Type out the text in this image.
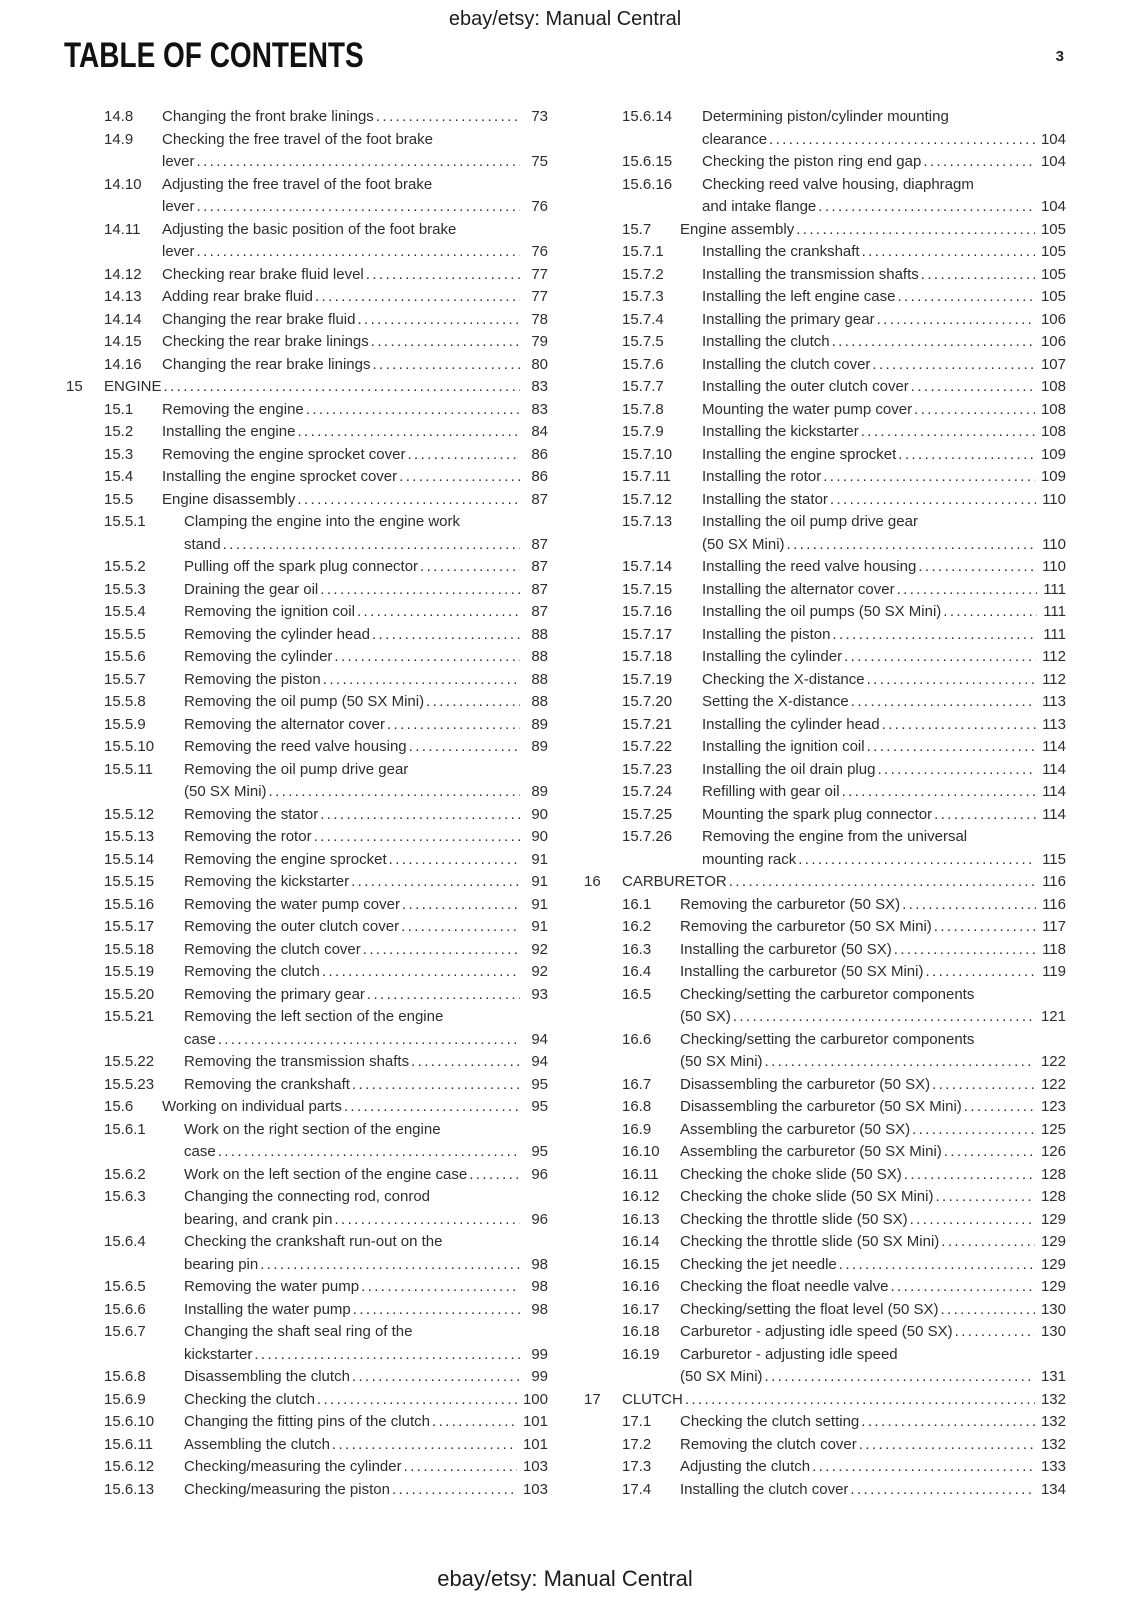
ebay/etsy: Manual Central
TABLE OF CONTENTS	3
14.8	Changing the front brake linings .....	73
14.9	Checking the free travel of the foot brake
lever .....	75
14.10	Adjusting the free travel of the foot brake
lever .....	76
14.11	Adjusting the basic position of the foot brake
lever .....	76
14.12	Checking rear brake fluid level .....	77
14.13	Adding rear brake fluid .....	77
14.14	Changing the rear brake fluid .....	78
14.15	Checking the rear brake linings .....	79
14.16	Changing the rear brake linings .....	80
15	ENGINE .....	83
15.1	Removing the engine .....	83
15.2	Installing the engine .....	84
15.3	Removing the engine sprocket cover .....	86
15.4	Installing the engine sprocket cover .....	86
15.5	Engine disassembly .....	87
15.5.1	Clamping the engine into the engine work
stand .....	87
15.5.2	Pulling off the spark plug connector .....	87
15.5.3	Draining the gear oil .....	87
15.5.4	Removing the ignition coil .....	87
15.5.5	Removing the cylinder head .....	88
15.5.6	Removing the cylinder .....	88
15.5.7	Removing the piston .....	88
15.5.8	Removing the oil pump (50 SX Mini) .....	88
15.5.9	Removing the alternator cover .....	89
15.5.10	Removing the reed valve housing .....	89
15.5.11	Removing the oil pump drive gear
(50 SX Mini) .....	89
15.5.12	Removing the stator .....	90
15.5.13	Removing the rotor .....	90
15.5.14	Removing the engine sprocket .....	91
15.5.15	Removing the kickstarter .....	91
15.5.16	Removing the water pump cover .....	91
15.5.17	Removing the outer clutch cover .....	91
15.5.18	Removing the clutch cover .....	92
15.5.19	Removing the clutch .....	92
15.5.20	Removing the primary gear .....	93
15.5.21	Removing the left section of the engine
case .....	94
15.5.22	Removing the transmission shafts .....	94
15.5.23	Removing the crankshaft .....	95
15.6	Working on individual parts .....	95
15.6.1	Work on the right section of the engine
case .....	95
15.6.2	Work on the left section of the engine case .....	96
15.6.3	Changing the connecting rod, conrod
bearing, and crank pin .....	96
15.6.4	Checking the crankshaft run-out on the
bearing pin .....	98
15.6.5	Removing the water pump .....	98
15.6.6	Installing the water pump .....	98
15.6.7	Changing the shaft seal ring of the
kickstarter .....	99
15.6.8	Disassembling the clutch .....	99
15.6.9	Checking the clutch .....	100
15.6.10	Changing the fitting pins of the clutch .....	101
15.6.11	Assembling the clutch .....	101
15.6.12	Checking/measuring the cylinder .....	103
15.6.13	Checking/measuring the piston .....	103
15.6.14	Determining piston/cylinder mounting
clearance .....	104
15.6.15	Checking the piston ring end gap .....	104
15.6.16	Checking reed valve housing, diaphragm
and intake flange .....	104
15.7	Engine assembly .....	105
15.7.1	Installing the crankshaft .....	105
15.7.2	Installing the transmission shafts .....	105
15.7.3	Installing the left engine case .....	105
15.7.4	Installing the primary gear .....	106
15.7.5	Installing the clutch .....	106
15.7.6	Installing the clutch cover .....	107
15.7.7	Installing the outer clutch cover .....	108
15.7.8	Mounting the water pump cover .....	108
15.7.9	Installing the kickstarter .....	108
15.7.10	Installing the engine sprocket .....	109
15.7.11	Installing the rotor .....	109
15.7.12	Installing the stator .....	110
15.7.13	Installing the oil pump drive gear
(50 SX Mini) .....	110
15.7.14	Installing the reed valve housing .....	110
15.7.15	Installing the alternator cover .....	111
15.7.16	Installing the oil pumps (50 SX Mini) .....	111
15.7.17	Installing the piston .....	111
15.7.18	Installing the cylinder .....	112
15.7.19	Checking the X-distance .....	112
15.7.20	Setting the X-distance .....	113
15.7.21	Installing the cylinder head .....	113
15.7.22	Installing the ignition coil .....	114
15.7.23	Installing the oil drain plug .....	114
15.7.24	Refilling with gear oil .....	114
15.7.25	Mounting the spark plug connector .....	114
15.7.26	Removing the engine from the universal
mounting rack .....	115
16	CARBURETOR .....	116
16.1	Removing the carburetor (50 SX) .....	116
16.2	Removing the carburetor (50 SX Mini) .....	117
16.3	Installing the carburetor (50 SX) .....	118
16.4	Installing the carburetor (50 SX Mini) .....	119
16.5	Checking/setting the carburetor components
(50 SX) .....	121
16.6	Checking/setting the carburetor components
(50 SX Mini) .....	122
16.7	Disassembling the carburetor (50 SX) .....	122
16.8	Disassembling the carburetor (50 SX Mini) .....	123
16.9	Assembling the carburetor (50 SX) .....	125
16.10	Assembling the carburetor (50 SX Mini) .....	126
16.11	Checking the choke slide (50 SX) .....	128
16.12	Checking the choke slide (50 SX Mini) .....	128
16.13	Checking the throttle slide (50 SX) .....	129
16.14	Checking the throttle slide (50 SX Mini) .....	129
16.15	Checking the jet needle .....	129
16.16	Checking the float needle valve .....	129
16.17	Checking/setting the float level (50 SX) .....	130
16.18	Carburetor - adjusting idle speed (50 SX) .....	130
16.19	Carburetor - adjusting idle speed
(50 SX Mini) .....	131
17	CLUTCH .....	132
17.1	Checking the clutch setting .....	132
17.2	Removing the clutch cover .....	132
17.3	Adjusting the clutch .....	133
17.4	Installing the clutch cover .....	134
ebay/etsy: Manual Central
